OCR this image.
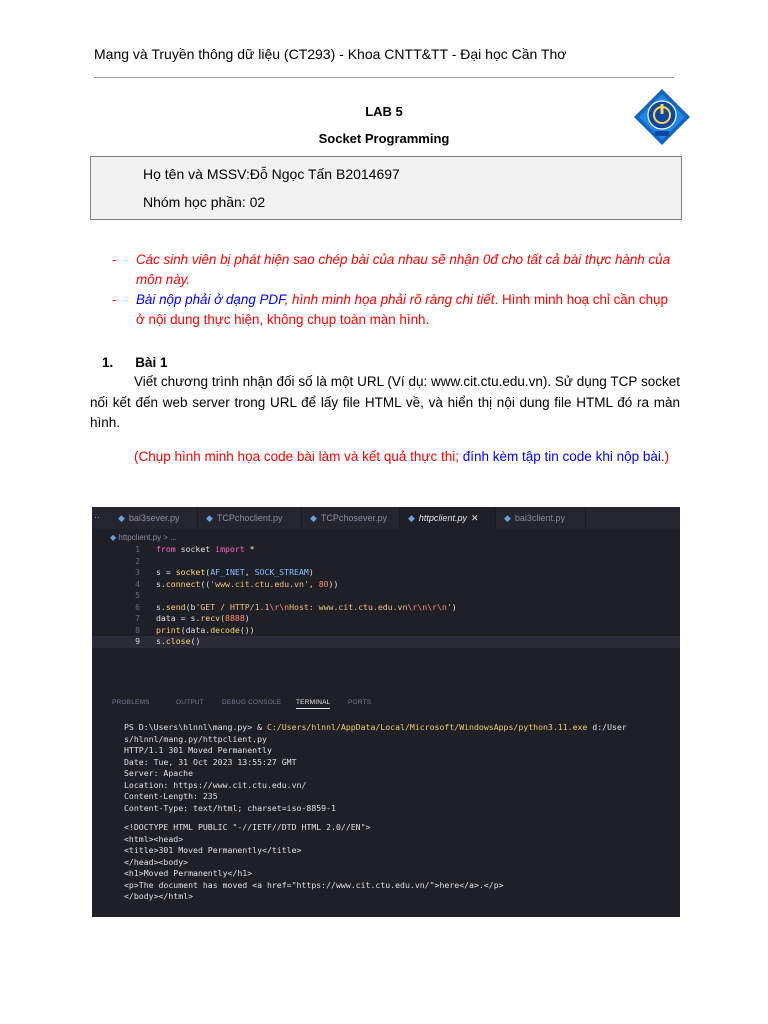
Mạng và Truyền thông dữ liệu (CT293) - Khoa CNTT&TT - Đại học Cần Thơ
LAB 5
Socket Programming
Họ tên và MSSV:Đỗ Ngọc Tấn B2014697
Nhóm học phần: 02
- Các sinh viên bị phát hiện sao chép bài của nhau sẽ nhận 0đ cho tất cả bài thực hành của môn này.
- Bài nộp phải ở dạng PDF, hình minh họa phải rõ ràng chi tiết. Hình minh hoạ chỉ cần chụp ở nội dung thực hiện, không chụp toàn màn hình.
1. Bài 1
Viết chương trình nhận đối số là một URL (Ví dụ: www.cit.ctu.edu.vn). Sử dụng TCP socket nối kết đến web server trong URL để lấy file HTML về, và hiển thị nội dung file HTML đó ra màn hình.
(Chụp hình minh họa code bài làm và kết quả thực thi; đính kèm tập tin code khi nộp bài.)
··	◆ bai3sever.py	◆ TCPchoclient.py	◆ TCPchosever.py	◆ httpclient.py ✕	◆ bai3client.py
◆ httpclient.py > ...
1 from socket import *
2
3 s = socket(AF_INET, SOCK_STREAM)
4 s.connect(('www.cit.ctu.edu.vn', 80))
5
6 s.send(b'GET / HTTP/1.1\r\nHost: www.cit.ctu.edu.vn\r\n\r\n')
7 data = s.recv(8888)
8 print(data.decode())
9 s.close()
PROBLEMS	OUTPUT	DEBUG CONSOLE TERMINAL	PORTS
PS D:\Users\hlnnl\mang.py> & C:/Users/hlnnl/AppData/Local/Microsoft/WindowsApps/python3.11.exe d:/User
s/hlnnl/mang.py/httpclient.py
HTTP/1.1 301 Moved Permanently
Date: Tue, 31 Oct 2023 13:55:27 GMT
Server: Apache
Location: https://www.cit.ctu.edu.vn/
Content-Length: 235
Content-Type: text/html; charset=iso-8859-1
<!DOCTYPE HTML PUBLIC "-//IETF//DTD HTML 2.0//EN">
<html><head>
<title>301 Moved Permanently</title>
</head><body>
<h1>Moved Permanently</h1>
<p>The document has moved <a href="https://www.cit.ctu.edu.vn/">here</a>.</p>
</body></html>
